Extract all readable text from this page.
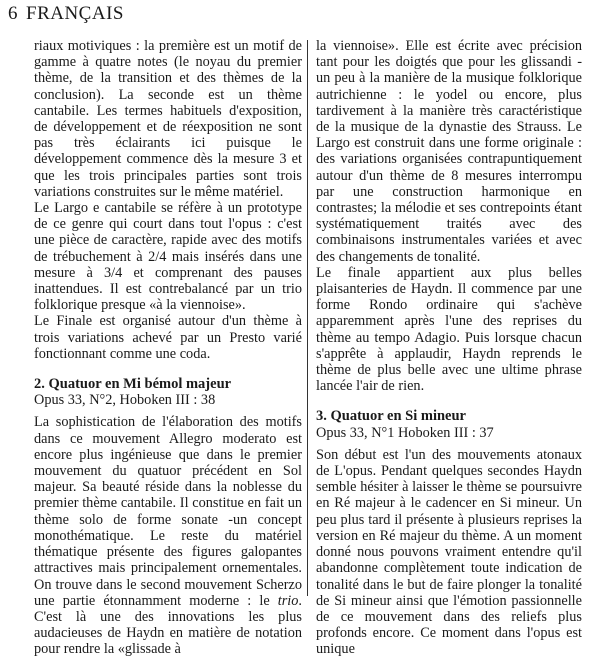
6 FRANÇAIS

riaux motiviques : la première est un motif de gamme à quatre notes (le noyau du premier thème, de la transition et des thèmes de la conclusion). La seconde est un thème cantabile. Les termes habituels d'exposition, de développement et de réexposition ne sont pas très éclairants ici puisque le développement commence dès la mesure 3 et que les trois principales parties sont trois variations construites sur le même matériel.

Le Largo e cantabile se réfère à un prototype de ce genre qui court dans tout l'opus : c'est une pièce de caractère, rapide avec des motifs de trébuchement à 2/4 mais insérés dans une mesure à 3/4 et comprenant des pauses inattendues. Il est contrebalancé par un trio folklorique presque «à la viennoise».

Le Finale est organisé autour d'un thème à trois variations achevé par un Presto varié fonctionnant comme une coda.

2. Quatuor en Mi bémol majeur

Opus 33, N°2, Hoboken III : 38

La sophistication de l'élaboration des motifs dans ce mouvement Allegro moderato est encore plus ingénieuse que dans le premier mouvement du quatuor précédent en Sol majeur. Sa beauté réside dans la noblesse du premier thème cantabile. Il constitue en fait un thème solo de forme sonate -un concept monothématique. Le reste du matériel thématique présente des figures galopantes attractives mais principalement ornementales. On trouve dans le second mouvement Scherzo une partie étonnamment moderne : le trio. C'est là une des innovations les plus audacieuses de Haydn en matière de notation pour rendre la «glissade à

la viennoise». Elle est écrite avec précision tant pour les doigtés que pour les glissandi - un peu à la manière de la musique folklorique autrichienne : le yodel ou encore, plus tardivement à la manière très caractéristique de la musique de la dynastie des Strauss. Le Largo est construit dans une forme originale : des variations organisées contrapuntiquement autour d'un thème de 8 mesures interrompu par une construction harmonique en contrastes; la mélodie et ses contrepoints étant systématiquement traités avec des combinaisons instrumentales variées et avec des changements de tonalité.

Le finale appartient aux plus belles plaisanteries de Haydn. Il commence par une forme Rondo ordinaire qui s'achève apparemment après l'une des reprises du thème au tempo Adagio. Puis lorsque chacun s'apprête à applaudir, Haydn reprends le thème de plus belle avec une ultime phrase lancée l'air de rien.

3. Quatuor en Si mineur

Opus 33, N°1 Hoboken III : 37

Son début est l'un des mouvements atonaux de L'opus. Pendant quelques secondes Haydn semble hésiter à laisser le thème se poursuivre en Ré majeur à le cadencer en Si mineur. Un peu plus tard il présente à plusieurs reprises la version en Ré majeur du thème. A un moment donné nous pouvons vraiment entendre qu'il abandonne complètement toute indication de tonalité dans le but de faire plonger la tonalité de Si mineur ainsi que l'émotion passionnelle de ce mouvement dans des reliefs plus profonds encore. Ce moment dans l'opus est unique
